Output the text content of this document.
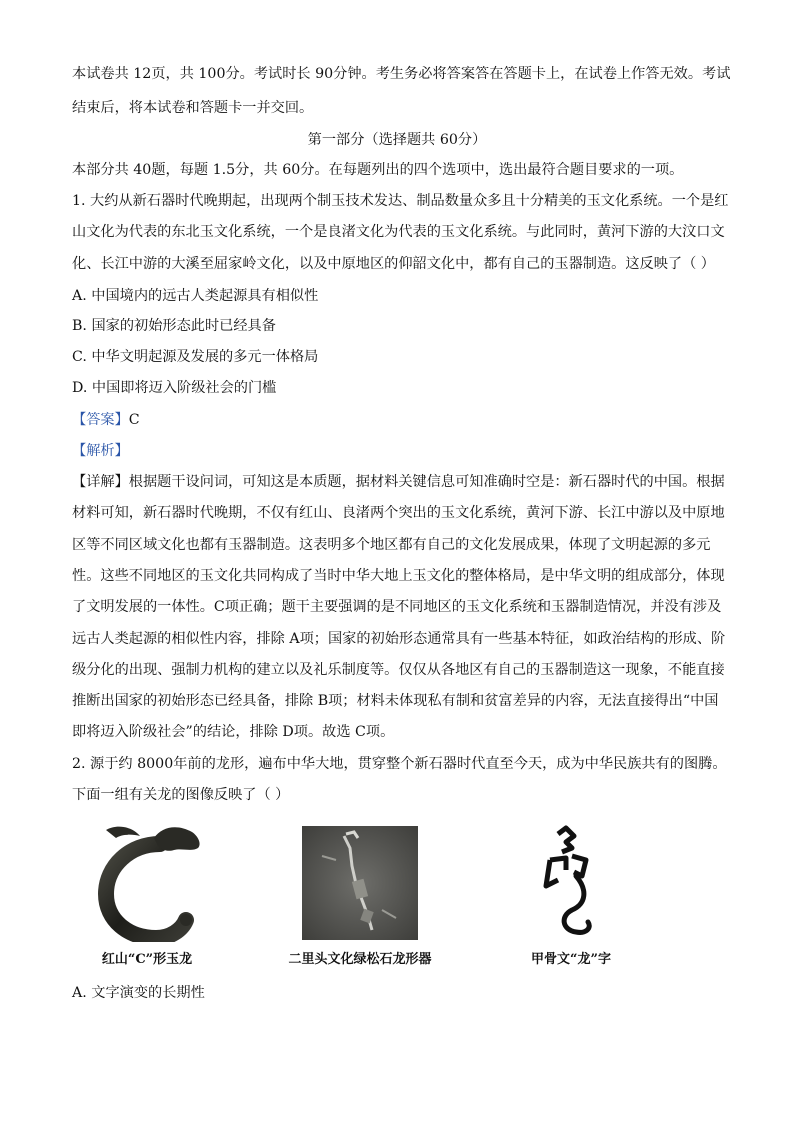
本试卷共 12页，共 100分。考试时长 90分钟。考生务必将答案答在答题卡上，在试卷上作答无效。考试
结束后，将本试卷和答题卡一并交回。
第一部分（选择题共 60分）
本部分共 40题，每题 1.5分，共 60分。在每题列出的四个选项中，选出最符合题目要求的一项。
1. 大约从新石器时代晚期起，出现两个制玉技术发达、制品数量众多且十分精美的玉文化系统。一个是红
山文化为代表的东北玉文化系统，一个是良渚文化为代表的玉文化系统。与此同时，黄河下游的大汶口文
化、长江中游的大溪至屈家岭文化，以及中原地区的仰韶文化中，都有自己的玉器制造。这反映了（ ）
A. 中国境内的远古人类起源具有相似性
B. 国家的初始形态此时已经具备
C. 中华文明起源及发展的多元一体格局
D. 中国即将迈入阶级社会的门槛
【答案】C
【解析】
【详解】根据题干设问词，可知这是本质题，据材料关键信息可知准确时空是：新石器时代的中国。根据
材料可知，新石器时代晚期，不仅有红山、良渚两个突出的玉文化系统，黄河下游、长江中游以及中原地
区等不同区域文化也都有玉器制造。这表明多个地区都有自己的文化发展成果，体现了文明起源的多元
性。这些不同地区的玉文化共同构成了当时中华大地上玉文化的整体格局，是中华文明的组成部分，体现
了文明发展的一体性。C项正确；题干主要强调的是不同地区的玉文化系统和玉器制造情况，并没有涉及
远古人类起源的相似性内容，排除 A项；国家的初始形态通常具有一些基本特征，如政治结构的形成、阶
级分化的出现、强制力机构的建立以及礼乐制度等。仅仅从各地区有自己的玉器制造这一现象，不能直接
推断出国家的初始形态已经具备，排除 B项；材料未体现私有制和贫富差异的内容，无法直接得出“中国
即将迈入阶级社会”的结论，排除 D项。故选 C项。
2. 源于约 8000年前的龙形，遍布中华大地，贯穿整个新石器时代直至今天，成为中华民族共有的图腾。
下面一组有关龙的图像反映了（ ）
红山“C”形玉龙	二里头文化绿松石龙形器	甲骨文“龙”字
A. 文字演变的长期性
